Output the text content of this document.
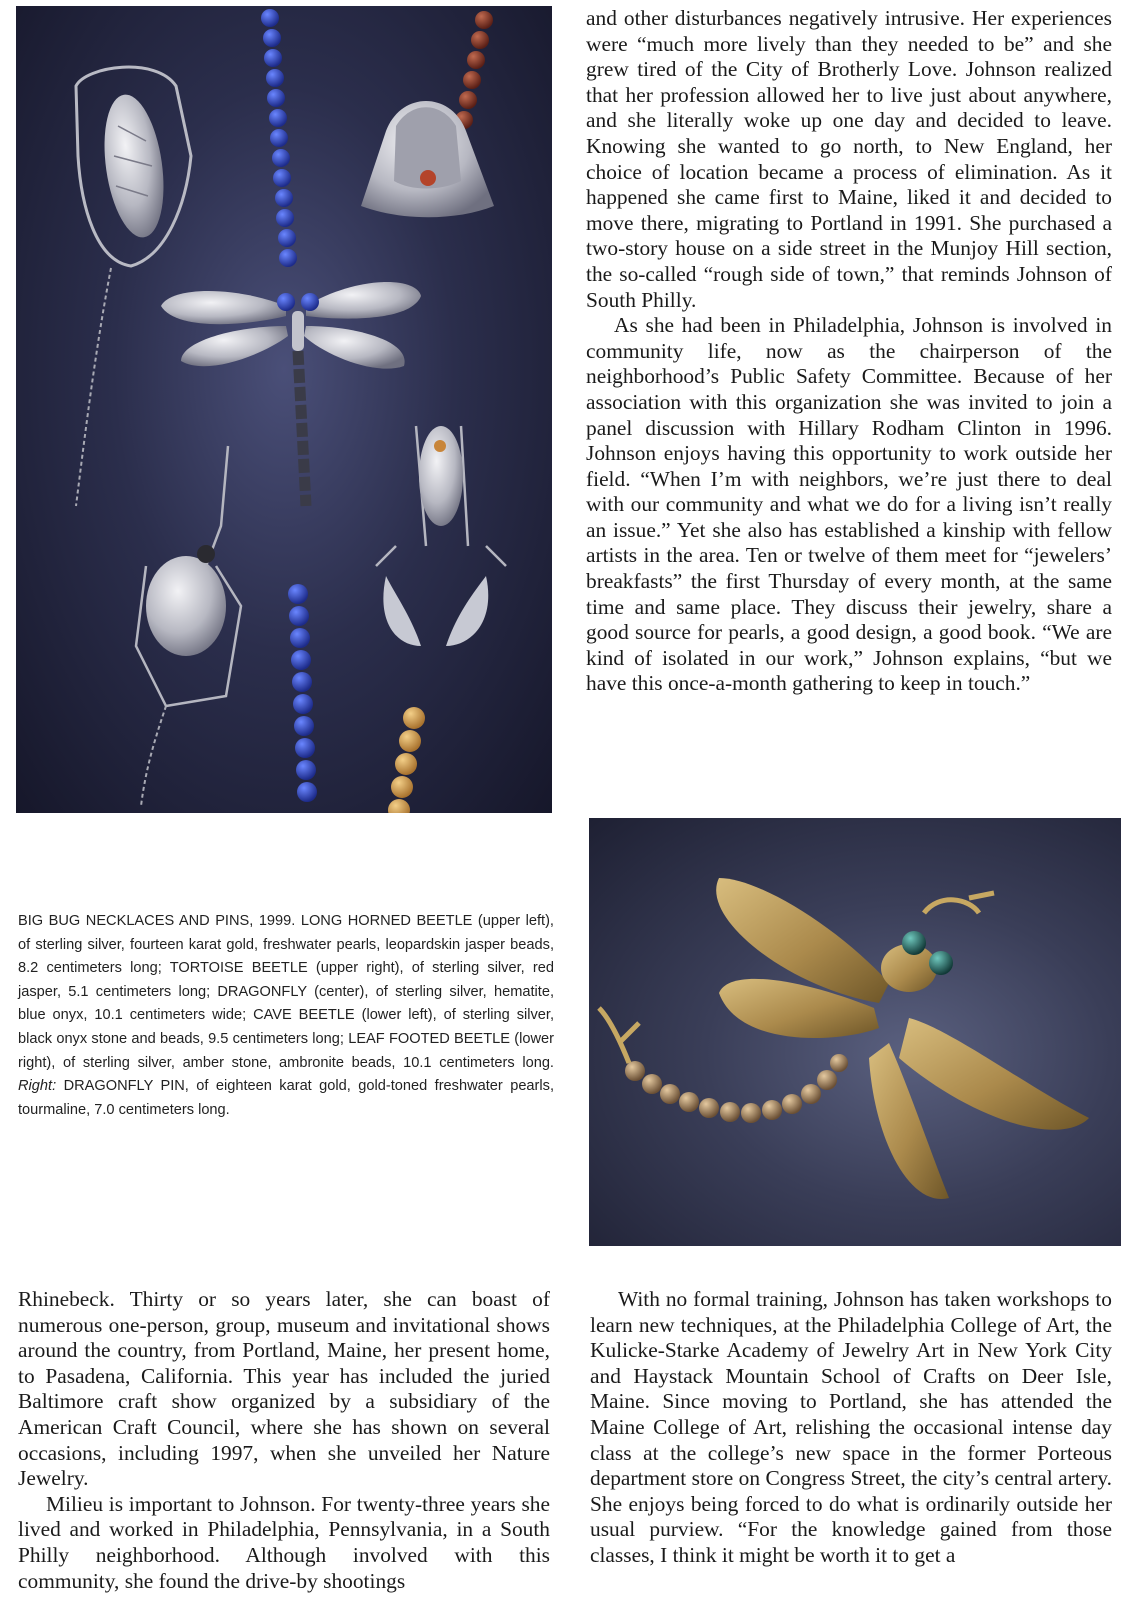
and other disturbances negatively intrusive. Her experiences were “much more lively than they needed to be” and she grew tired of the City of Brotherly Love. Johnson realized that her profession allowed her to live just about anywhere, and she literally woke up one day and decided to leave. Knowing she wanted to go north, to New England, her choice of location became a process of elimination. As it happened she came first to Maine, liked it and decided to move there, migrating to Portland in 1991. She purchased a two-story house on a side street in the Munjoy Hill section, the so-called “rough side of town,” that reminds Johnson of South Philly.

As she had been in Philadelphia, Johnson is involved in community life, now as the chairperson of the neighborhood’s Public Safety Committee. Because of her association with this organization she was invited to join a panel discussion with Hillary Rodham Clinton in 1996. Johnson enjoys having this opportunity to work outside her field. “When I’m with neighbors, we’re just there to deal with our community and what we do for a living isn’t really an issue.” Yet she also has established a kinship with fellow artists in the area. Ten or twelve of them meet for “jewelers’ breakfasts” the first Thursday of every month, at the same time and same place. They discuss their jewelry, share a good source for pearls, a good design, a good book. “We are kind of isolated in our work,” Johnson explains, “but we have this once-a-month gathering to keep in touch.”

BIG BUG NECKLACES AND PINS, 1999. LONG HORNED BEETLE (upper left), of sterling silver, fourteen karat gold, freshwater pearls, leopardskin jasper beads, 8.2 centimeters long; TORTOISE BEETLE (upper right), of sterling silver, red jasper, 5.1 centimeters long; DRAGONFLY (center), of sterling silver, hematite, blue onyx, 10.1 centimeters wide; CAVE BEETLE (lower left), of sterling silver, black onyx stone and beads, 9.5 centimeters long; LEAF FOOTED BEETLE (lower right), of sterling silver, amber stone, ambronite beads, 10.1 centimeters long. Right: DRAGONFLY PIN, of eighteen karat gold, gold-toned freshwater pearls, tourmaline, 7.0 centimeters long.

Rhinebeck. Thirty or so years later, she can boast of numerous one-person, group, museum and invitational shows around the country, from Portland, Maine, her present home, to Pasadena, California. This year has included the juried Baltimore craft show organized by a subsidiary of the American Craft Council, where she has shown on several occasions, including 1997, when she unveiled her Nature Jewelry.

Milieu is important to Johnson. For twenty-three years she lived and worked in Philadelphia, Pennsylvania, in a South Philly neighborhood. Although involved with this community, she found the drive-by shootings

With no formal training, Johnson has taken workshops to learn new techniques, at the Philadelphia College of Art, the Kulicke-Starke Academy of Jewelry Art in New York City and Haystack Mountain School of Crafts on Deer Isle, Maine. Since moving to Portland, she has attended the Maine College of Art, relishing the occasional intense day class at the college’s new space in the former Porteous department store on Congress Street, the city’s central artery. She enjoys being forced to do what is ordinarily outside her usual purview. “For the knowledge gained from those classes, I think it might be worth it to get a
